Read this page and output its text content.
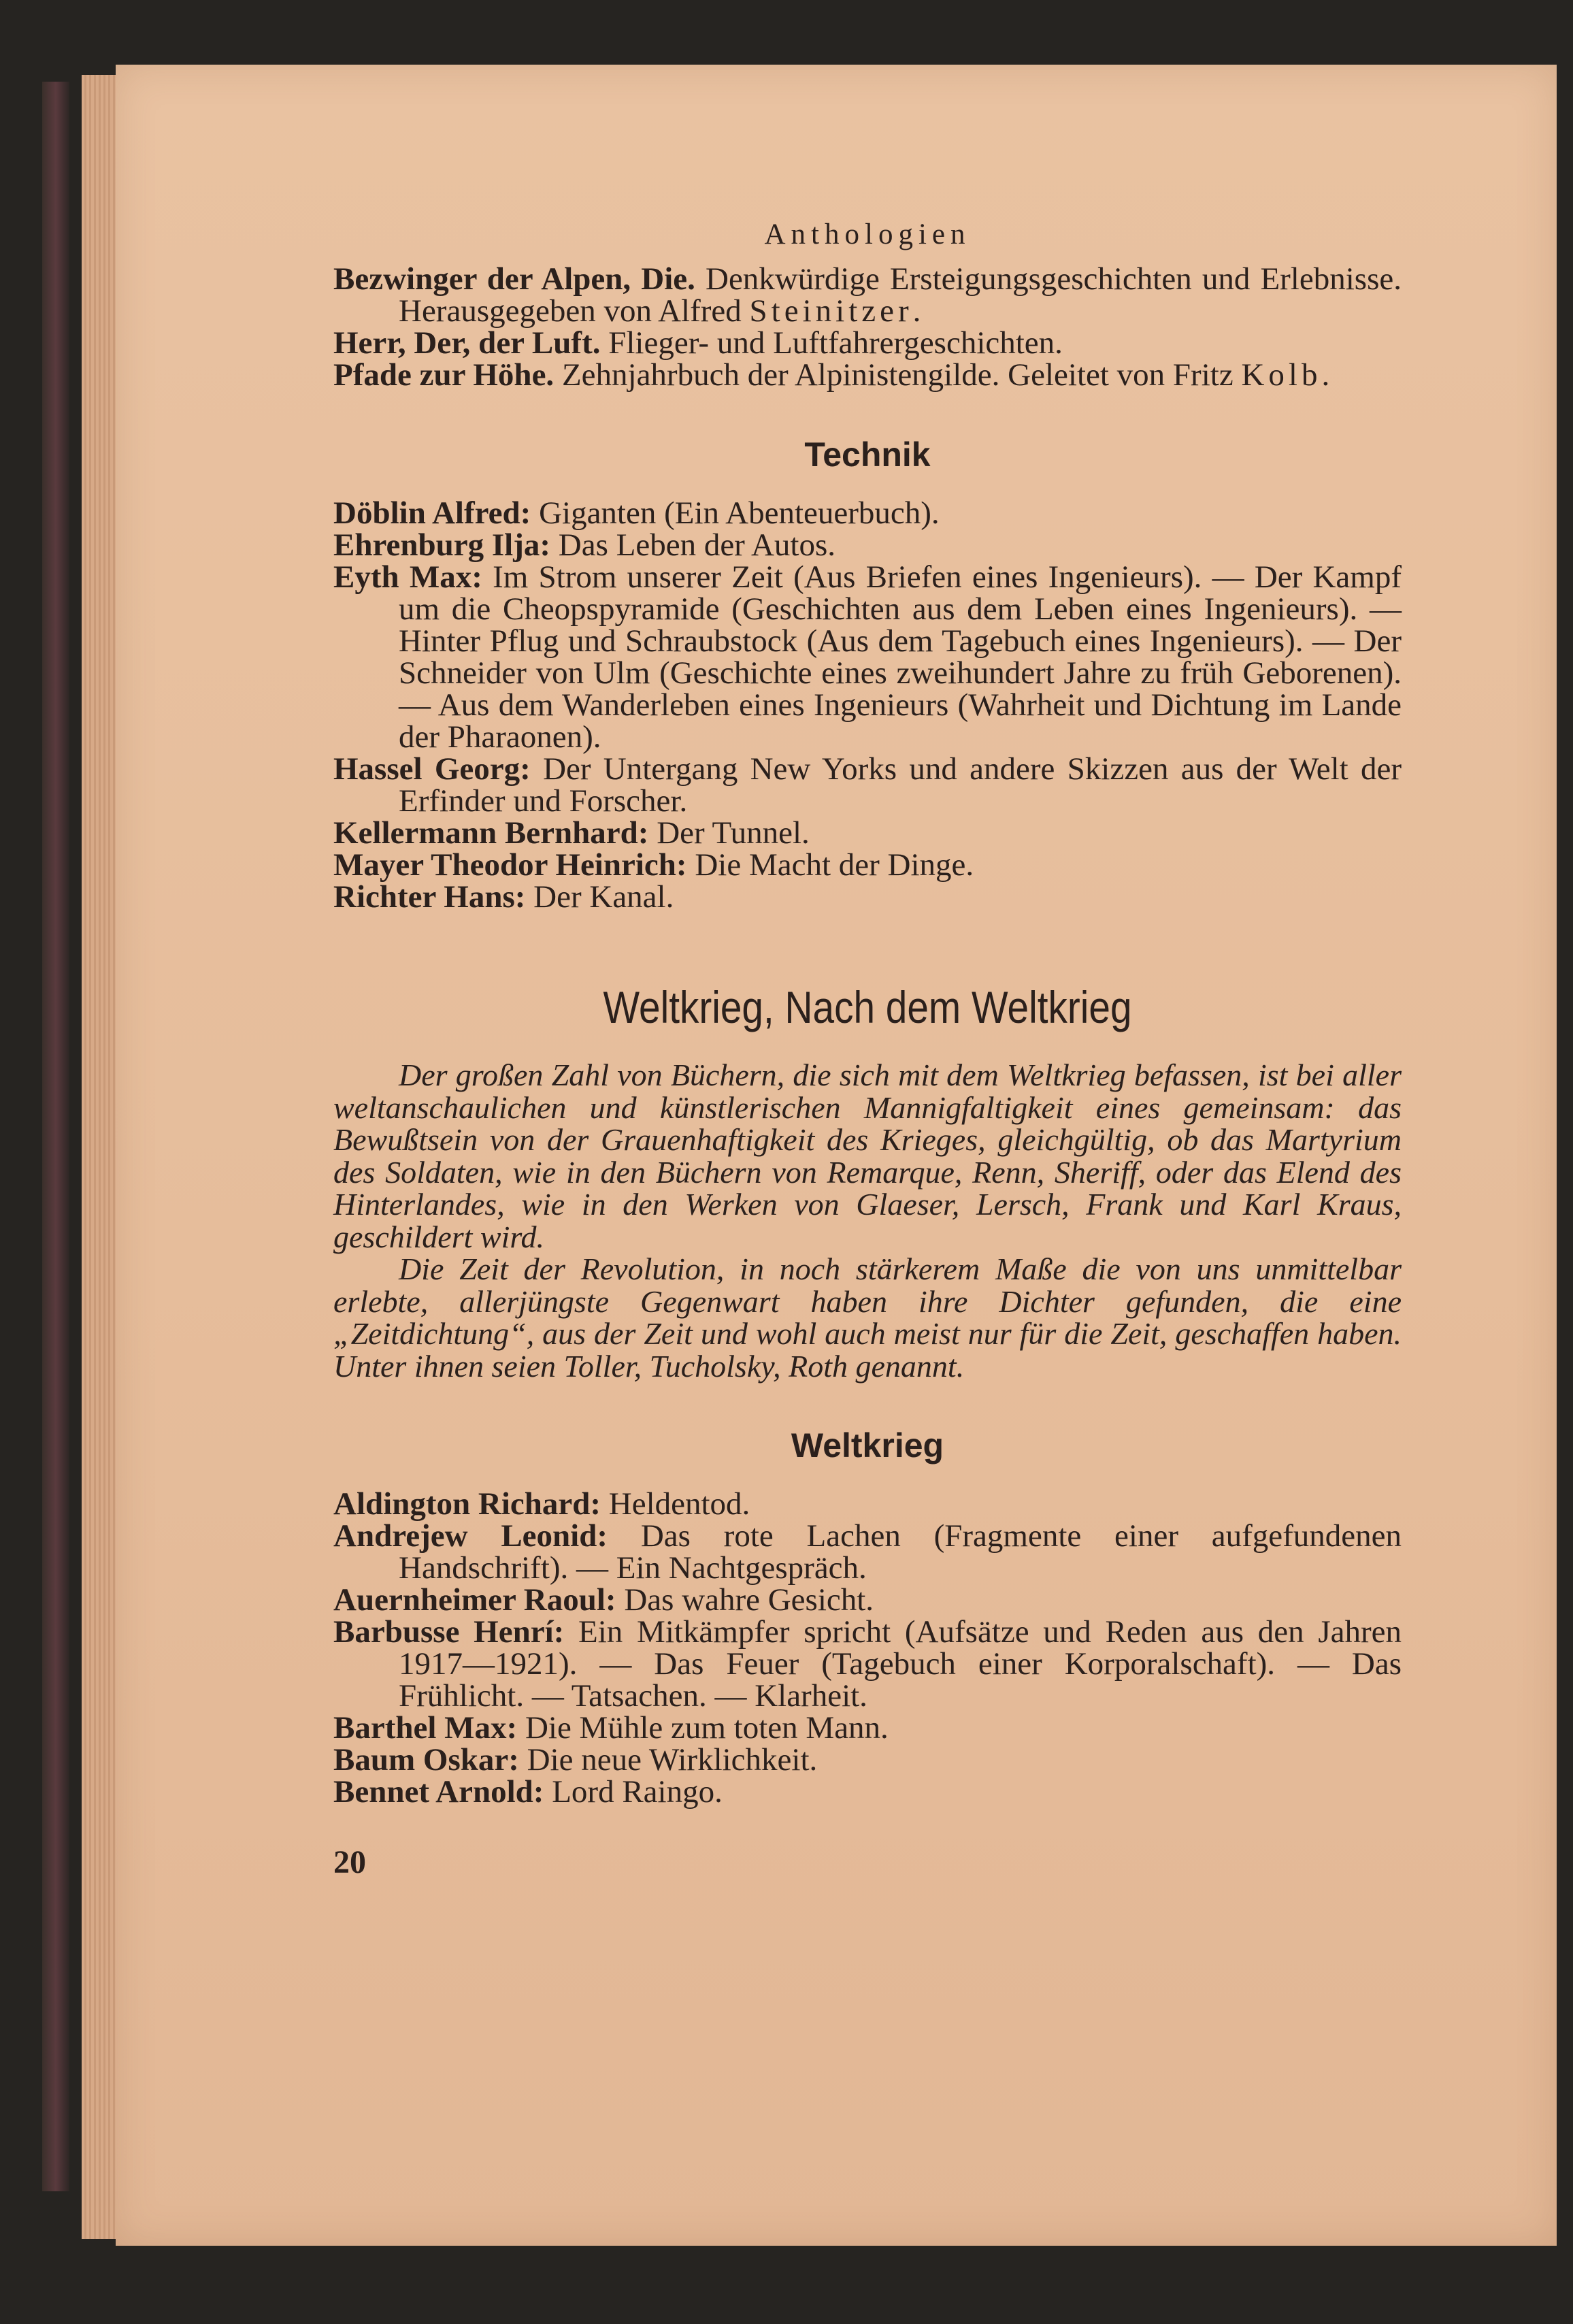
Anthologien

Bezwinger der Alpen, Die. Denkwürdige Ersteigungsgeschichten und Erlebnisse. Herausgegeben von Alfred Steinitzer.

Herr, Der, der Luft. Flieger- und Luftfahrergeschichten.

Pfade zur Höhe. Zehnjahrbuch der Alpinistengilde. Geleitet von Fritz Kolb.

Technik

Döblin Alfred: Giganten (Ein Abenteuerbuch).

Ehrenburg Ilja: Das Leben der Autos.

Eyth Max: Im Strom unserer Zeit (Aus Briefen eines Ingenieurs). — Der Kampf um die Cheopspyramide (Geschichten aus dem Leben eines Ingenieurs). — Hinter Pflug und Schraubstock (Aus dem Tagebuch eines Ingenieurs). — Der Schneider von Ulm (Geschichte eines zweihundert Jahre zu früh Geborenen). — Aus dem Wanderleben eines Ingenieurs (Wahrheit und Dichtung im Lande der Pharaonen).

Hassel Georg: Der Untergang New Yorks und andere Skizzen aus der Welt der Erfinder und Forscher.

Kellermann Bernhard: Der Tunnel.

Mayer Theodor Heinrich: Die Macht der Dinge.

Richter Hans: Der Kanal.

Weltkrieg, Nach dem Weltkrieg

Der großen Zahl von Büchern, die sich mit dem Weltkrieg befassen, ist bei aller weltanschaulichen und künstlerischen Mannigfaltigkeit eines gemeinsam: das Bewußtsein von der Grauenhaftigkeit des Krieges, gleichgültig, ob das Martyrium des Soldaten, wie in den Büchern von Remarque, Renn, Sheriff, oder das Elend des Hinterlandes, wie in den Werken von Glaeser, Lersch, Frank und Karl Kraus, geschildert wird.

Die Zeit der Revolution, in noch stärkerem Maße die von uns unmittelbar erlebte, allerjüngste Gegenwart haben ihre Dichter gefunden, die eine „Zeitdichtung“, aus der Zeit und wohl auch meist nur für die Zeit, geschaffen haben. Unter ihnen seien Toller, Tucholsky, Roth genannt.

Weltkrieg

Aldington Richard: Heldentod.

Andrejew Leonid: Das rote Lachen (Fragmente einer aufgefundenen Handschrift). — Ein Nachtgespräch.

Auernheimer Raoul: Das wahre Gesicht.

Barbusse Henrí: Ein Mitkämpfer spricht (Aufsätze und Reden aus den Jahren 1917—1921). — Das Feuer (Tagebuch einer Korporalschaft). — Das Frühlicht. — Tatsachen. — Klarheit.

Barthel Max: Die Mühle zum toten Mann.

Baum Oskar: Die neue Wirklichkeit.

Bennet Arnold: Lord Raingo.

20
